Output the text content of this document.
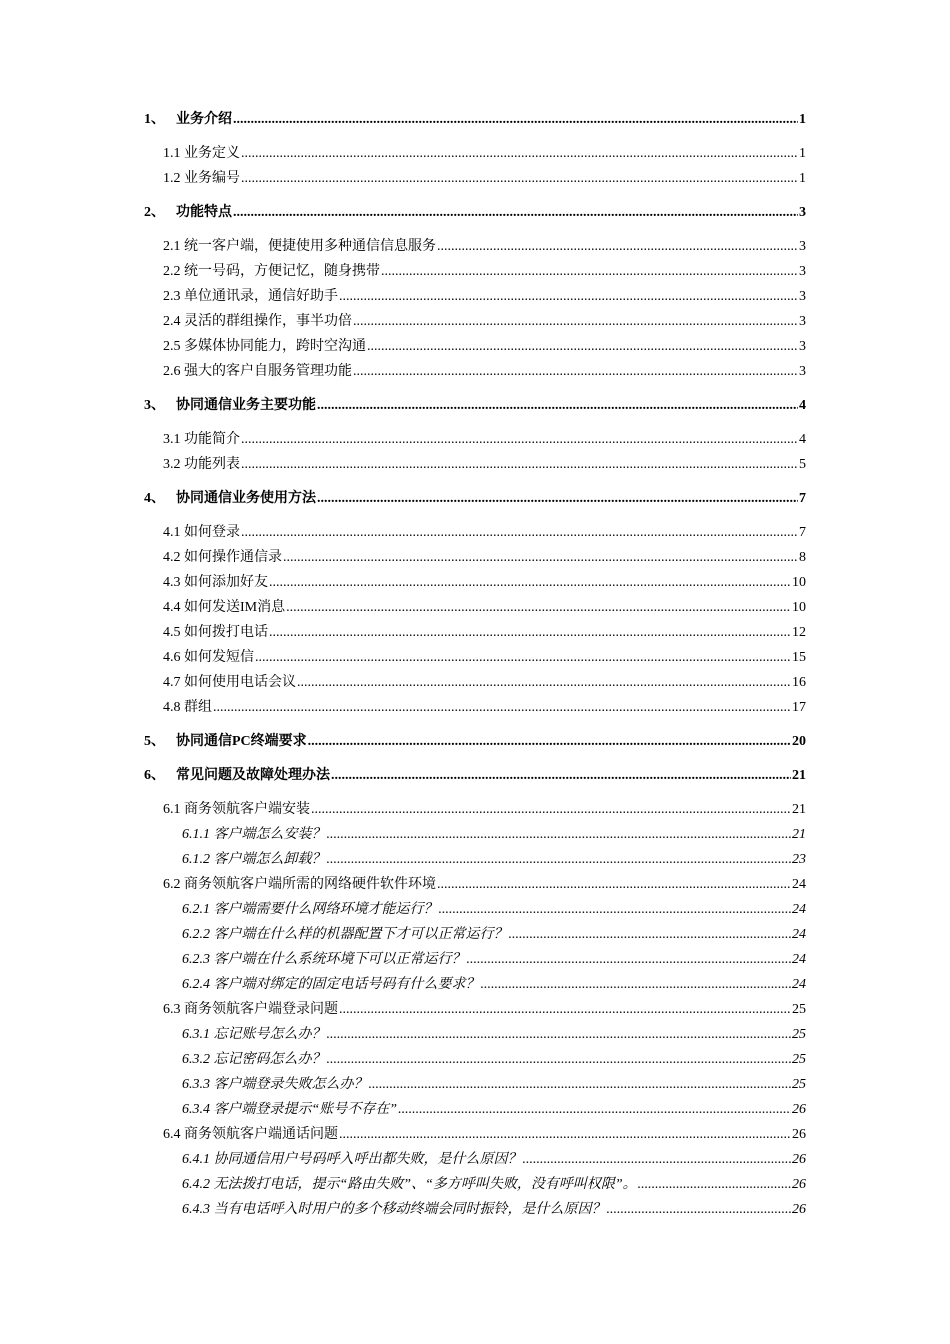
1、 业务介绍 .....	1
1.1 业务定义 .....	1
1.2 业务编号 .....	1
2、 功能特点 .....	3
2.1 统一客户端，便捷使用多种通信信息服务 .....	3
2.2 统一号码，方便记忆，随身携带 .....	3
2.3 单位通讯录，通信好助手 .....	3
2.4 灵活的群组操作，事半功倍 .....	3
2.5 多媒体协同能力，跨时空沟通 .....	3
2.6 强大的客户自服务管理功能 .....	3
3、 协同通信业务主要功能 .....	4
3.1 功能简介 .....	4
3.2 功能列表 .....	5
4、 协同通信业务使用方法 .....	7
4.1 如何登录 .....	7
4.2 如何操作通信录 .....	8
4.3 如何添加好友 .....	10
4.4 如何发送IM消息 .....	10
4.5 如何拨打电话 .....	12
4.6 如何发短信 .....	15
4.7 如何使用电话会议 .....	16
4.8 群组 .....	17
5、 协同通信PC终端要求 .....	20
6、 常见问题及故障处理办法 .....	21
6.1 商务领航客户端安装 .....	21
6.1.1 客户端怎么安装？ .....	21
6.1.2 客户端怎么卸载？ .....	23
6.2 商务领航客户端所需的网络硬件软件环境 .....	24
6.2.1 客户端需要什么网络环境才能运行？ .....	24
6.2.2 客户端在什么样的机器配置下才可以正常运行？ .....	24
6.2.3 客户端在什么系统环境下可以正常运行？ .....	24
6.2.4 客户端对绑定的固定电话号码有什么要求？ .....	24
6.3 商务领航客户端登录问题 .....	25
6.3.1 忘记账号怎么办？ .....	25
6.3.2 忘记密码怎么办？ .....	25
6.3.3 客户端登录失败怎么办？ .....	25
6.3.4 客户端登录提示“账号不存在” .....	26
6.4 商务领航客户端通话问题 .....	26
6.4.1 协同通信用户号码呼入呼出都失败，是什么原因？ .....	26
6.4.2 无法拨打电话，提示“路由失败”、“多方呼叫失败，没有呼叫权限”。 .....	26
6.4.3 当有电话呼入时用户的多个移动终端会同时振铃，是什么原因？ .....	26
